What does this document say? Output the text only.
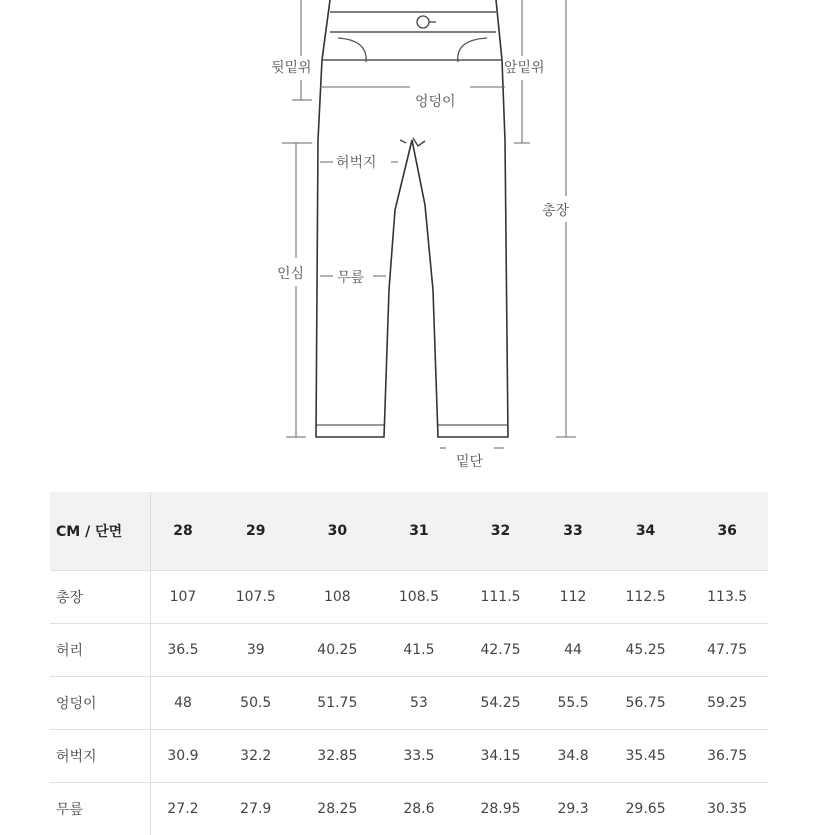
뒷밑위	앞밑위
엉덩이
허벅지
인심 무릎
총장
밑단
CM / 단면	28	29	30	31	32	33	34	36
총장	107	107.5	108	108.5	111.5	112	112.5	113.5
허리	36.5	39	40.25	41.5	42.75	44	45.25	47.75
엉덩이	48	50.5	51.75	53	54.25	55.5	56.75	59.25
허벅지	30.9	32.2	32.85	33.5	34.15	34.8	35.45	36.75
무릎	27.2	27.9	28.25	28.6	28.95	29.3	29.65	30.35
